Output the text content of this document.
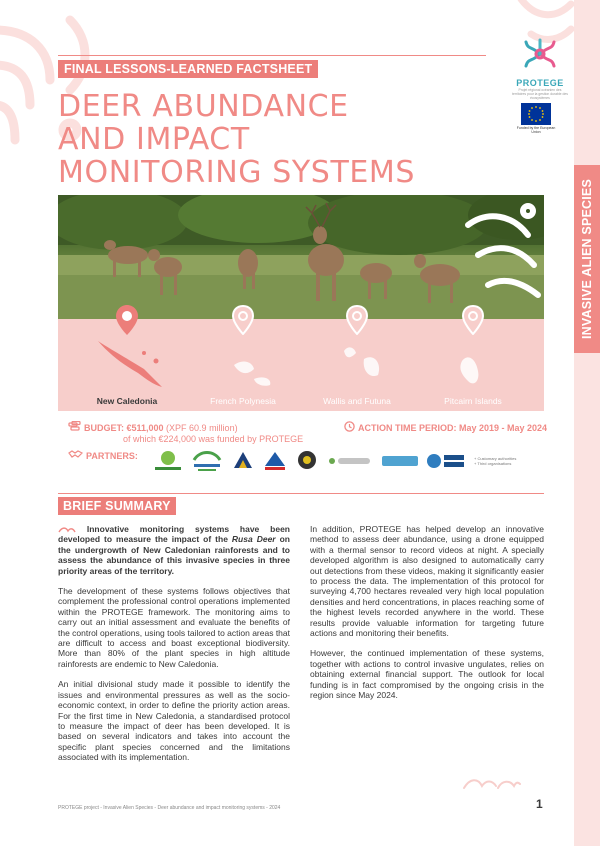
INVASIVE ALIEN SPECIES
FINAL LESSONS-LEARNED FACTSHEET
DEER ABUNDANCE
AND IMPACT
MONITORING SYSTEMS
PROTEGE
Projet régional océanien des territoires pour la gestion durable des écosystèmes
Funded by the European Union
New Caledonia	French Polynesia	Wallis and Futuna	Pitcairn Islands
BUDGET: €511,000 (XPF 60.9 million)
of which €224,000 was funded by PROTEGE
ACTION TIME PERIOD: May 2019 - May 2024
PARTNERS:	+ Customary authorities
+ Third organisations
BRIEF SUMMARY

Innovative monitoring systems have been developed to measure the impact of the Rusa Deer on the undergrowth of New Caledonian rainforests and to assess the abundance of this invasive species in three priority areas of the territory.

The development of these systems follows objectives that complement the professional control operations implemented within the PROTEGE framework. The monitoring aims to carry out an initial assessment and evaluate the benefits of the control operations, using tools tailored to action areas that are difficult to access and boast exceptional biodiversity. More than 80% of the plant species in high altitude rainforests are endemic to New Caledonia.

An initial divisional study made it possible to identify the issues and environmental pressures as well as the socio-economic context, in order to define the priority action areas. For the first time in New Caledonia, a standardised protocol to measure the impact of deer has been developed. It is based on several indicators and takes into account the specific plant species concerned and the limitations associated with its implementation.

In addition, PROTEGE has helped develop an innovative method to assess deer abundance, using a drone equipped with a thermal sensor to record videos at night. A specially developed algorithm is also designed to automatically carry out detections from these videos, making it significantly easier to process the data. The implementation of this protocol for surveying 4,700 hectares revealed very high local population densities and herd concentrations, in places reaching some of the highest levels recorded anywhere in the world. These results provide valuable information for targeting future actions and monitoring their benefits.

However, the continued implementation of these systems, together with actions to control invasive ungulates, relies on obtaining external financial support. The outlook for local funding is in fact compromised by the ongoing crisis in the region since May 2024.

PROTEGE project - Invasive Alien Species - Deer abundance and impact monitoring systems - 2024	1
